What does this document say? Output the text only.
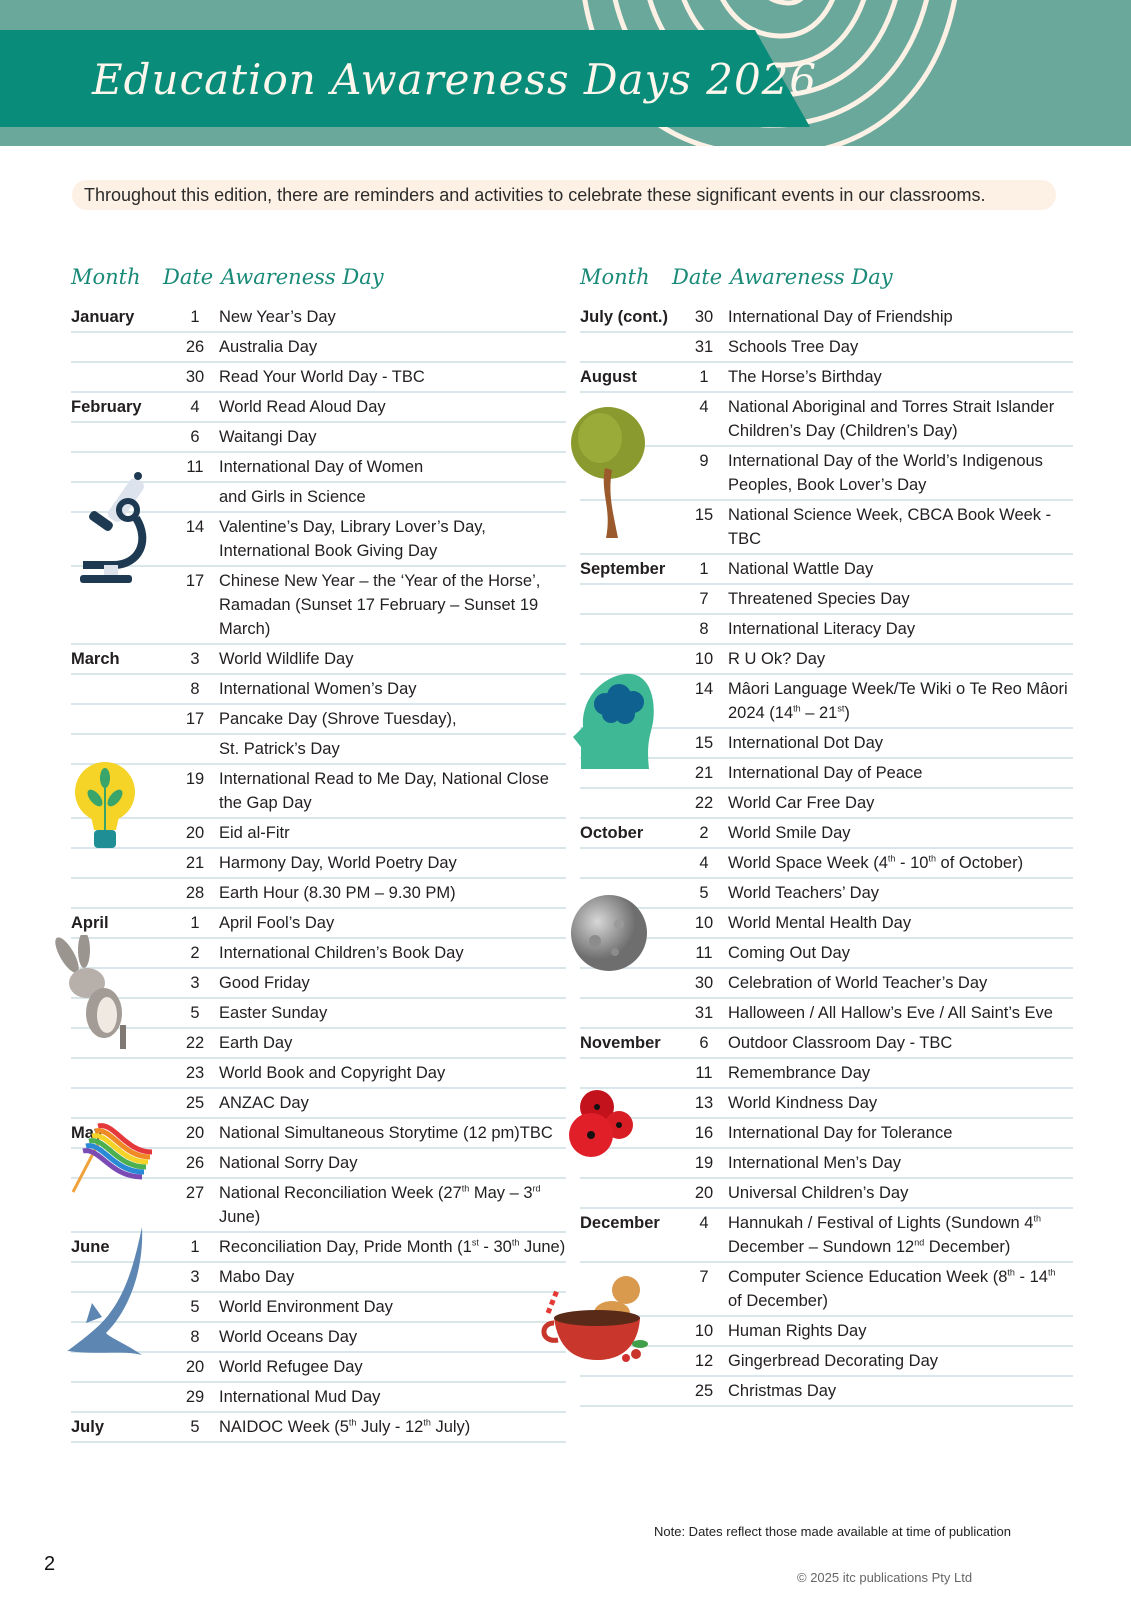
Education Awareness Days 2026
Throughout this edition, there are reminders and activities to celebrate these significant events in our classrooms.
Month	Date Awareness Day
January	1	New Year’s Day
26 Australia Day
30 Read Your World Day - TBC
February	4	World Read Aloud Day
6	Waitangi Day
11 International Day of Women
and Girls in Science
14 Valentine’s Day, Library Lover’s Day, International Book Giving Day
17 Chinese New Year – the ‘Year of the Horse’, Ramadan (Sunset 17 February – Sunset 19 March)
March	3	World Wildlife Day
8	International Women’s Day
17 Pancake Day (Shrove Tuesday),
St. Patrick’s Day
19 International Read to Me Day, National Close the Gap Day
20 Eid al-Fitr
21 Harmony Day, World Poetry Day
28 Earth Hour (8.30 PM – 9.30 PM)
April	1	April Fool’s Day
2	International Children’s Book Day
3	Good Friday
5	Easter Sunday
22 Earth Day
23 World Book and Copyright Day
25 ANZAC Day
May	20 National Simultaneous Storytime (12 pm)TBC
26 National Sorry Day
27 National Reconciliation Week (27th May – 3rd June)
June	1	Reconciliation Day, Pride Month (1st - 30th June)
3	Mabo Day
5	World Environment Day
8	World Oceans Day
20 World Refugee Day
29 International Mud Day
July	5	NAIDOC Week (5th July - 12th July)
Month	Date Awareness Day
July (cont.)	30 International Day of Friendship
31 Schools Tree Day
August	1	The Horse’s Birthday
4	National Aboriginal and Torres Strait Islander Children’s Day (Children’s Day)
9	International Day of the World’s Indigenous Peoples, Book Lover’s Day
15 National Science Week, CBCA Book Week - TBC
September	1	National Wattle Day
7	Threatened Species Day
8	International Literacy Day
10 R U Ok? Day
14 Mâori Language Week/Te Wiki o Te Reo Mâori 2024 (14th – 21st)
15 International Dot Day
21 International Day of Peace
22 World Car Free Day
October	2	World Smile Day
4	World Space Week (4th - 10th of October)
5	World Teachers’ Day
10 World Mental Health Day
11 Coming Out Day
30 Celebration of World Teacher’s Day
31 Halloween / All Hallow’s Eve / All Saint’s Eve
November	6	Outdoor Classroom Day - TBC
11 Remembrance Day
13 World Kindness Day
16 International Day for Tolerance
19 International Men’s Day
20 Universal Children’s Day
December	4	Hannukah / Festival of Lights (Sundown 4th December – Sundown 12nd December)
7	Computer Science Education Week (8th - 14th of December)
10 Human Rights Day
12 Gingerbread Decorating Day
25 Christmas Day
Note: Dates reflect those made available at time of publication
2
© 2025 itc publications Pty Ltd
